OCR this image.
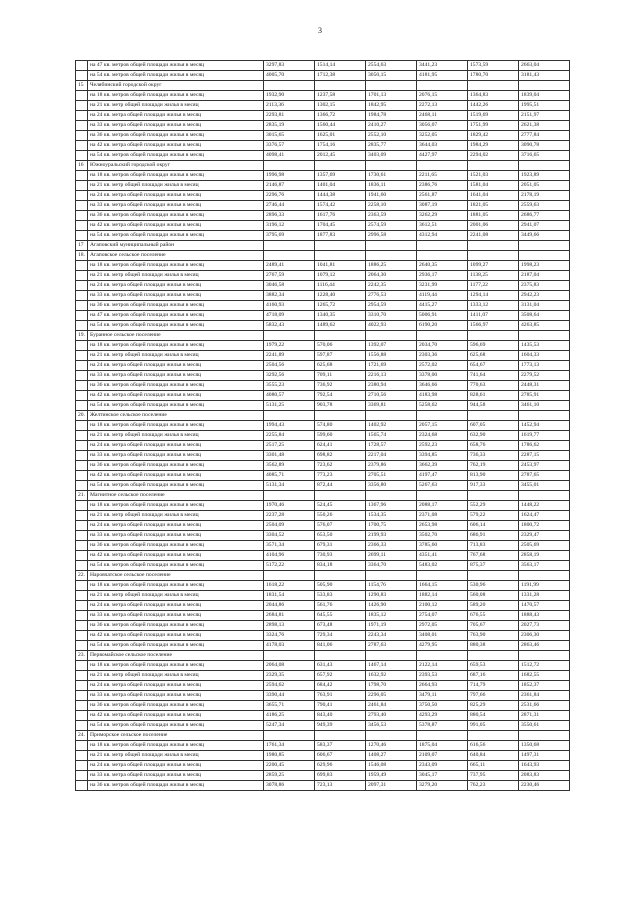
3
	на 47 кв. метров общей площади жилья в месяц	3297,83	1514,14	2554,63	3441,23	1573,59	2663,04
	на 54 кв. метров общей площади жилья в месяц	4005,70	1712,38	3050,15	4181,95	1780,70	3181,43
15	Челябинский городской округ						
	на 18 кв. метров общей площади жилья в месяц	1932,90	1237,58	1701,13	2076,15	1364,83	1839,04
	на 21 кв. метр общей площади жилья в месяц	2113,36	1302,15	1842,95	2272,13	1442,26	1995,51
	на 24 кв. метра общей площади жилья в месяц	2293,81	1366,72	1984,78	2468,11	1519,69	2151,97
	на 33 кв. метра общей площади жилья в месяц	2835,19	1560,44	2410,27	3056,07	1751,99	2621,38
	на 36 кв. метров общей площади жилья в месяц	3015,65	1625,01	2552,10	3252,05	1829,42	2777,84
	на 42 кв. метра общей площади жилья в месяц	3376,57	1754,16	2835,77	3644,03	1984,29	3090,78
	на 54 кв. метров общей площади жилья в месяц	4098,41	2012,45	3403,09	4427,97	2294,02	3716,65
16	Южноуральский городской округ						
	на 18 кв. метров общей площади жилья в месяц	1996,98	1357,69	1730,61	2211,65	1521,03	1923,89
	на 21 кв. метр общей площади жилья в месяц	2146,87	1401,04	1836,11	2386,76	1581,04	2051,05
	на 24 кв. метра общей площади жилья в месяц	2296,76	1444,38	1941,60	2561,87	1641,04	2178,19
	на 33 кв. метра общей площади жилья в месяц	2746,44	1574,42	2258,10	3087,19	1821,05	2559,63
	на 36 кв. метров общей площади жилья в месяц	2896,33	1617,76	2363,59	3262,29	1881,05	2686,77
	на 42 кв. метра общей площади жилья в месяц	3196,12	1704,45	2574,59	3612,51	2001,06	2941,07
	на 54 кв. метров общей площади жилья в месяц	3795,69	1877,83	2996,58	4312,94	2241,08	3449,66
17	Агаповский муниципальный район						
18.	Агаповское сельское поселение						
	на 18 кв. метров общей площади жилья в месяц	2489,41	1041,81	1886,25	2640,35	1099,27	1998,23
	на 21 кв. метр общей площади жилья в месяц	2767,59	1079,12	2064,30	2936,17	1138,25	2187,04
	на 24 кв. метра общей площади жилья в месяц	3046,58	1116,44	2242,35	3231,99	1177,22	2375,83
	на 33 кв. метра общей площади жилья в месяц	3882,34	1228,40	2776,53	4119,44	1294,14	2942,23
	на 36 кв. метров общей площади жилья в месяц	4160,93	1265,72	2954,59	4415,27	1333,12	3131,04
	на 47 кв. метров общей площади жилья в месяц	4718,09	1340,35	3310,70	5006,91	1411,07	3508,64
	на 54 кв. метров общей площади жилья в месяц	5832,43	1489,62	4022,93	6190,20	1566,97	4263,85
19.	Буранное сельское поселение						
	на 18 кв. метров общей площади жилья в месяц	1979,22	570,06	1392,07	2034,70	596,69	1435,53
	на 21 кв. метр общей площади жилья в месяц	2241,89	597,87	1556,88	2303,36	625,68	1604,33
	на 24 кв. метра общей площади жилья в месяц	2504,56	625,68	1721,69	2572,02	654,67	1773,13
	на 33 кв. метра общей площади жилья в месяц	3292,56	709,11	2216,13	3378,00	741,64	2279,52
	на 36 кв. метров общей площади жилья в месяц	3555,23	736,92	2380,94	3646,66	770,63	2448,31
	на 42 кв. метра общей площади жилья в месяц	4080,57	792,54	2710,56	4183,98	828,61	2785,91
	на 54 кв. метров общей площади жилья в месяц	5131,25	903,78	3369,81	5258,62	944,58	3461,10
20.	Желтинское сельское поселение						
	на 18 кв. метров общей площади жилья в месяц	1994,43	574,80	1402,92	2057,15	607,05	1452,94
	на 21 кв. метр общей площади жилья в месяц	2255,84	599,60	1565,74	2324,68	632,90	1619,77
	на 24 кв. метра общей площади жилья в месяц	2517,25	624,41	1728,57	2592,23	658,76	1786,62
	на 33 кв. метра общей площади жилья в месяц	3301,48	698,82	2217,04	3394,85	736,33	2287,15
	на 36 кв. метров общей площади жилья в месяц	3562,89	723,62	2379,86	3662,39	762,19	2453,97
	на 42 кв. метра общей площади жилья в месяц	4085,71	773,23	2705,51	4197,47	813,90	2787,65
	на 54 кв. метров общей площади жилья в месяц	5131,34	872,44	3356,80	5267,63	917,33	3455,01
21.	Магнитное сельское поселение						
	на 18 кв. метров общей площади жилья в месяц	1970,46	524,45	1367,96	2088,17	552,29	1448,22
	на 21 кв. метр общей площади жилья в месяц	2237,28	550,26	1534,35	2371,08	579,22	1624,47
	на 24 кв. метра общей площади жилья в месяц	2504,09	576,07	1700,75	2653,98	606,14	1800,72
	на 33 кв. метра общей площади жилья в месяц	3304,52	653,50	2199,93	3502,70	686,91	2329,47
	на 36 кв. метров общей площади жилья в месяц	3571,34	679,31	2366,33	3785,60	713,83	2505,69
	на 42 кв. метра общей площади жилья в месяц	4104,96	730,93	2699,11	4351,41	767,68	2858,19
	на 54 кв. метров общей площади жилья в месяц	5172,22	834,18	3364,70	5483,02	875,37	3563,17
22.	Наровчатское сельское поселение						
	на 18 кв. метров общей площади жилья в месяц	1618,22	505,90	1154,76	1664,15	530,96	1191,99
	на 21 кв. метр общей площади жилья в месяц	1831,54	533,83	1290,83	1882,14	560,08	1331,28
	на 24 кв. метра общей площади жилья в месяц	2044,86	561,76	1426,90	2100,12	589,20	1470,57
	на 33 кв. метра общей площади жилья в месяц	2684,81	645,55	1835,12	2754,07	676,55	1888,43
	на 36 кв. метров общей площади жилья в месяц	2898,13	673,48	1971,19	2972,05	705,67	2027,73
	на 42 кв. метра общей площади жилья в месяц	3324,76	729,34	2243,34	3408,01	763,90	2306,30
	на 54 кв. метров общей площади жилья в месяц	4178,03	841,06	2787,63	4279,95	880,38	2863,46
23.	Первомайское сельское поселение						
	на 18 кв. метров общей площади жилья в месяц	2064,08	631,43	1467,14	2122,14	659,53	1512,72
	на 21 кв. метр общей площади жилья в месяц	2329,35	657,92	1632,92	2393,53	687,16	1682,55
	на 24 кв. метра общей площади жилья в месяц	2594,62	684,42	1798,70	2664,93	714,79	1852,37
	на 33 кв. метра общей площади жилья в месяц	3390,44	763,91	2296,05	3479,11	797,66	2361,84
	на 36 кв. метров общей площади жилья в месяц	3655,71	790,41	2461,84	3750,50	825,29	2531,66
	на 42 кв. метра общей площади жилья в месяц	4186,25	843,40	2793,40	4293,29	880,54	2871,31
	на 54 кв. метров общей площади жилья в месяц	5247,34	949,39	3456,53	5378,87	991,05	3550,61
24.	Приморское сельское поселение						
	на 18 кв. метров общей площади жилья в месяц	1761,34	583,37	1270,46	1875,04	616,56	1350,68
	на 21 кв. метр общей площади жилья в месяц	1980,85	606,67	1408,27	2109,07	640,84	1497,31
	на 24 кв. метра общей площади жилья в месяц	2200,45	629,96	1546,08	2343,09	665,11	1643,93
	на 33 кв. метра общей площади жилья в месяц	2859,25	699,83	1959,49	3045,17	737,95	2083,83
	на 36 кв. метров общей площади жилья в месяц	3078,86	723,13	2097,31	3279,20	762,23	2230,46
